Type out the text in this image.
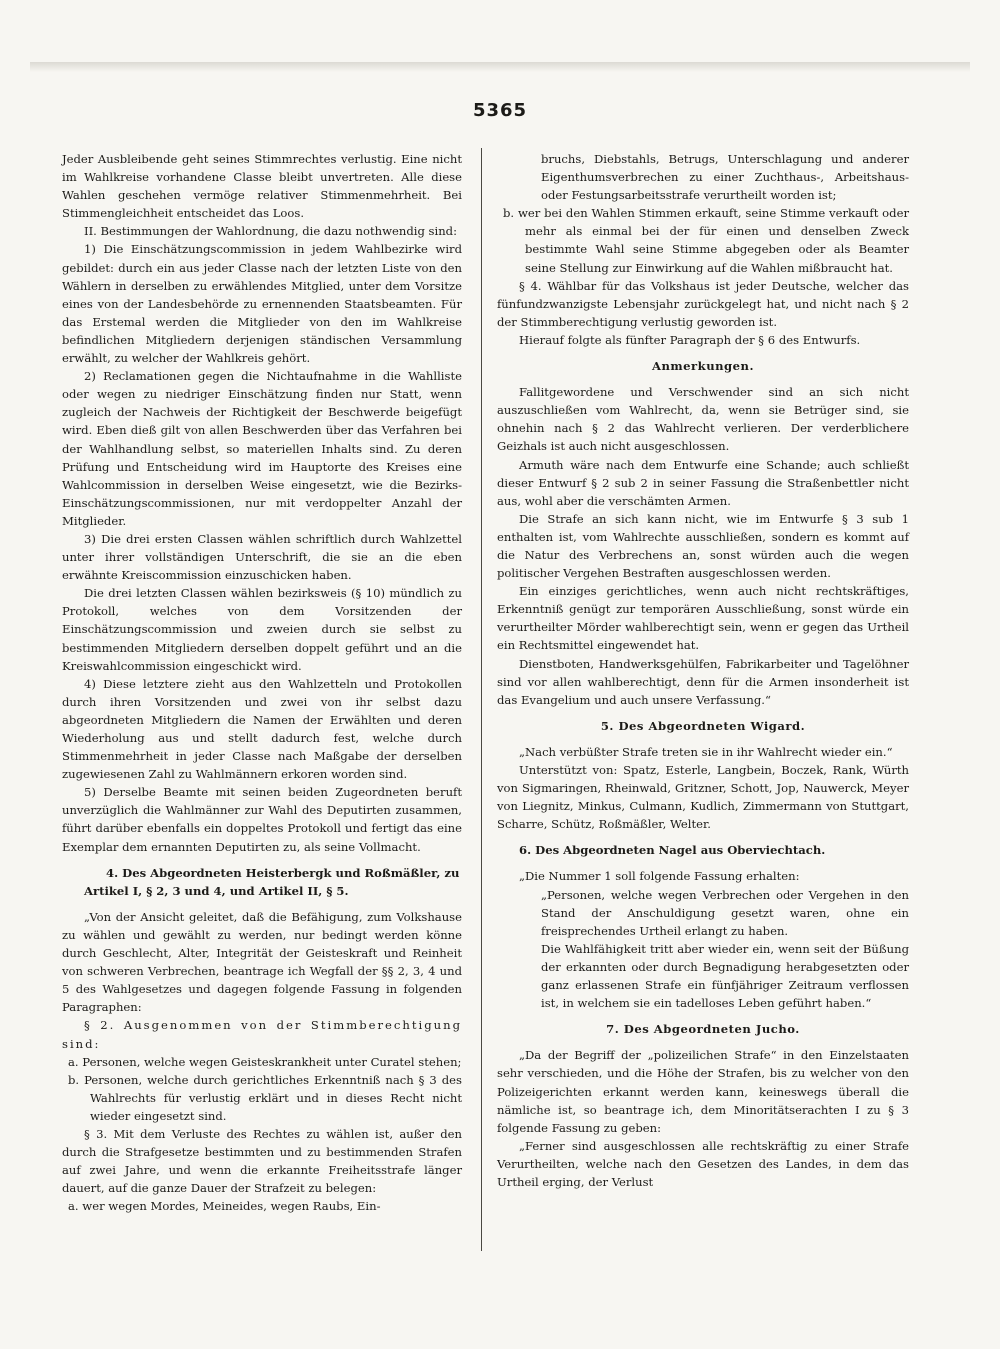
5365

Jeder Ausbleibende geht seines Stimmrechtes verlustig. Eine nicht im Wahlkreise vorhandene Classe bleibt unvertreten. Alle diese Wahlen geschehen vermöge relativer Stimmenmehrheit. Bei Stimmengleichheit entscheidet das Loos.

II. Bestimmungen der Wahlordnung, die dazu nothwendig sind:

1) Die Einschätzungscommission in jedem Wahlbezirke wird gebildet: durch ein aus jeder Classe nach der letzten Liste von den Wählern in derselben zu erwählendes Mitglied, unter dem Vorsitze eines von der Landesbehörde zu ernennenden Staatsbeamten. Für das Erstemal werden die Mitglieder von den im Wahlkreise befindlichen Mitgliedern derjenigen ständischen Versammlung erwählt, zu welcher der Wahlkreis gehört.

2) Reclamationen gegen die Nichtaufnahme in die Wahlliste oder wegen zu niedriger Einschätzung finden nur Statt, wenn zugleich der Nachweis der Richtigkeit der Beschwerde beigefügt wird. Eben dieß gilt von allen Beschwerden über das Verfahren bei der Wahlhandlung selbst, so materiellen Inhalts sind. Zu deren Prüfung und Entscheidung wird im Hauptorte des Kreises eine Wahlcommission in derselben Weise eingesetzt, wie die Bezirks-Einschätzungscommissionen, nur mit verdoppelter Anzahl der Mitglieder.

3) Die drei ersten Classen wählen schriftlich durch Wahlzettel unter ihrer vollständigen Unterschrift, die sie an die eben erwähnte Kreiscommission einzuschicken haben.

Die drei letzten Classen wählen bezirksweis (§ 10) mündlich zu Protokoll, welches von dem Vorsitzenden der Einschätzungscommission und zweien durch sie selbst zu bestimmenden Mitgliedern derselben doppelt geführt und an die Kreiswahlcommission eingeschickt wird.

4) Diese letztere zieht aus den Wahlzetteln und Protokollen durch ihren Vorsitzenden und zwei von ihr selbst dazu abgeordneten Mitgliedern die Namen der Erwählten und deren Wiederholung aus und stellt dadurch fest, welche durch Stimmenmehrheit in jeder Classe nach Maßgabe der derselben zugewiesenen Zahl zu Wahlmännern erkoren worden sind.

5) Derselbe Beamte mit seinen beiden Zugeordneten beruft unverzüglich die Wahlmänner zur Wahl des Deputirten zusammen, führt darüber ebenfalls ein doppeltes Protokoll und fertigt das eine Exemplar dem ernannten Deputirten zu, als seine Vollmacht.

4. Des Abgeordneten Heisterbergk und Roßmäßler, zu Artikel I, § 2, 3 und 4, und Artikel II, § 5.

„Von der Ansicht geleitet, daß die Befähigung, zum Volkshause zu wählen und gewählt zu werden, nur bedingt werden könne durch Geschlecht, Alter, Integrität der Geisteskraft und Reinheit von schweren Verbrechen, beantrage ich Wegfall der §§ 2, 3, 4 und 5 des Wahlgesetzes und dagegen folgende Fassung in folgenden Paragraphen:

§ 2. Ausgenommen von der Stimmberechtigung sind:

a. Personen, welche wegen Geisteskrankheit unter Curatel stehen;

b. Personen, welche durch gerichtliches Erkenntniß nach § 3 des Wahlrechts für verlustig erklärt und in dieses Recht nicht wieder eingesetzt sind.

§ 3. Mit dem Verluste des Rechtes zu wählen ist, außer den durch die Strafgesetze bestimmten und zu bestimmenden Strafen auf zwei Jahre, und wenn die erkannte Freiheitsstrafe länger dauert, auf die ganze Dauer der Strafzeit zu belegen:

a. wer wegen Mordes, Meineides, wegen Raubs, Ein-

bruchs, Diebstahls, Betrugs, Unterschlagung und anderer Eigenthumsverbrechen zu einer Zuchthaus-, Arbeitshaus- oder Festungsarbeitsstrafe verurtheilt worden ist;

b. wer bei den Wahlen Stimmen erkauft, seine Stimme verkauft oder mehr als einmal bei der für einen und denselben Zweck bestimmte Wahl seine Stimme abgegeben oder als Beamter seine Stellung zur Einwirkung auf die Wahlen mißbraucht hat.

§ 4. Wählbar für das Volkshaus ist jeder Deutsche, welcher das fünfundzwanzigste Lebensjahr zurückgelegt hat, und nicht nach § 2 der Stimmberechtigung verlustig geworden ist.

Hierauf folgte als fünfter Paragraph der § 6 des Entwurfs.

Anmerkungen.

Fallitgewordene und Verschwender sind an sich nicht auszuschließen vom Wahlrecht, da, wenn sie Betrüger sind, sie ohnehin nach § 2 das Wahlrecht verlieren. Der verderblichere Geizhals ist auch nicht ausgeschlossen.

Armuth wäre nach dem Entwurfe eine Schande; auch schließt dieser Entwurf § 2 sub 2 in seiner Fassung die Straßenbettler nicht aus, wohl aber die verschämten Armen.

Die Strafe an sich kann nicht, wie im Entwurfe § 3 sub 1 enthalten ist, vom Wahlrechte ausschließen, sondern es kommt auf die Natur des Verbrechens an, sonst würden auch die wegen politischer Vergehen Bestraften ausgeschlossen werden.

Ein einziges gerichtliches, wenn auch nicht rechtskräftiges, Erkenntniß genügt zur temporären Ausschließung, sonst würde ein verurtheilter Mörder wahlberechtigt sein, wenn er gegen das Urtheil ein Rechtsmittel eingewendet hat.

Dienstboten, Handwerksgehülfen, Fabrikarbeiter und Tagelöhner sind vor allen wahlberechtigt, denn für die Armen insonderheit ist das Evangelium und auch unsere Verfassung.“

5. Des Abgeordneten Wigard.

„Nach verbüßter Strafe treten sie in ihr Wahlrecht wieder ein.“

Unterstützt von: Spatz, Esterle, Langbein, Boczek, Rank, Würth von Sigmaringen, Rheinwald, Gritzner, Schott, Jop, Nauwerck, Meyer von Liegnitz, Minkus, Culmann, Kudlich, Zimmermann von Stuttgart, Scharre, Schütz, Roßmäßler, Welter.

6. Des Abgeordneten Nagel aus Oberviechtach.

„Die Nummer 1 soll folgende Fassung erhalten:

„Personen, welche wegen Verbrechen oder Vergehen in den Stand der Anschuldigung gesetzt waren, ohne ein freisprechendes Urtheil erlangt zu haben.

Die Wahlfähigkeit tritt aber wieder ein, wenn seit der Büßung der erkannten oder durch Begnadigung herabgesetzten oder ganz erlassenen Strafe ein fünfjähriger Zeitraum verflossen ist, in welchem sie ein tadelloses Leben geführt haben.“

7. Des Abgeordneten Jucho.

„Da der Begriff der „polizeilichen Strafe“ in den Einzelstaaten sehr verschieden, und die Höhe der Strafen, bis zu welcher von den Polizeigerichten erkannt werden kann, keineswegs überall die nämliche ist, so beantrage ich, dem Minoritätserachten I zu § 3 folgende Fassung zu geben:

„Ferner sind ausgeschlossen alle rechtskräftig zu einer Strafe Verurtheilten, welche nach den Gesetzen des Landes, in dem das Urtheil erging, der Verlust
